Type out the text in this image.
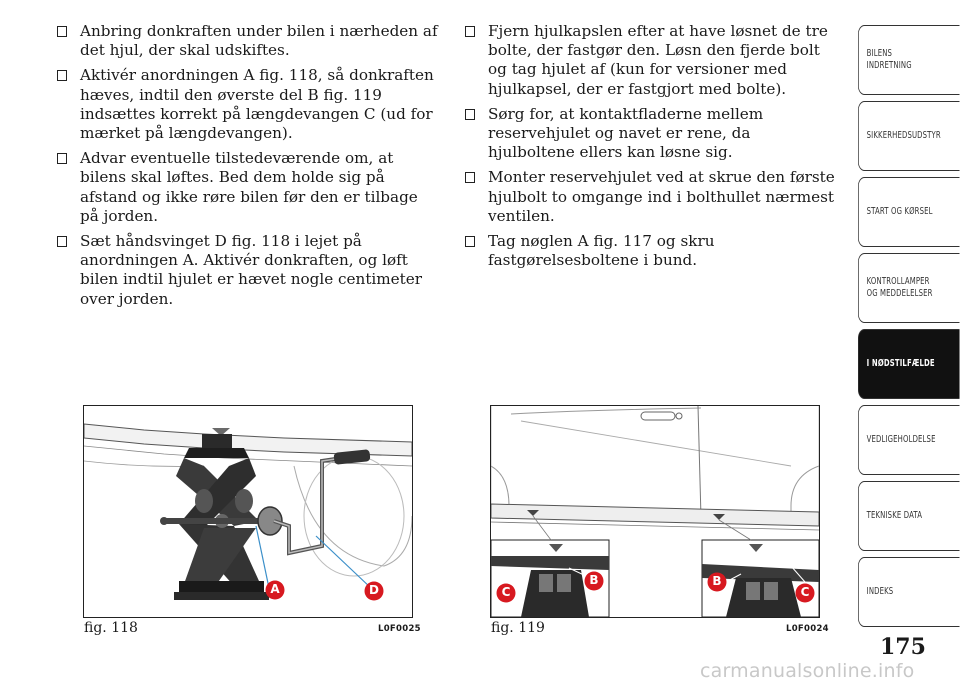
Anbring donkraften under bilen i nærheden af det hjul, der skal udskiftes.
Aktivér anordningen A fig. 118, så donkraften hæves, indtil den øverste del B fig. 119 indsættes korrekt på længdevangen C (ud for mærket på længdevangen).
Advar eventuelle tilstedeværende om, at bilens skal løftes. Bed dem holde sig på afstand og ikke røre bilen før den er tilbage på jorden.
Sæt håndsvinget D fig. 118 i lejet på anordningen A. Aktivér donkraften, og løft bilen indtil hjulet er hævet nogle centimeter over jorden.
Fjern hjulkapslen efter at have løsnet de tre bolte, der fastgør den. Løsn den fjerde bolt og tag hjulet af (kun for versioner med hjulkapsel, der er fastgjort med bolte).
Sørg for, at kontaktfladerne mellem reservehjulet og navet er rene, da hjulboltene ellers kan løsne sig.
Monter reservehjulet ved at skrue den første hjulbolt to omgange ind i bolthullet nærmest ventilen.
Tag nøglen A fig. 117 og skru fastgørelsesboltene i bund.
A	D
fig. 118	L0F0025
C
B	B
C
fig. 119	L0F0024
BILENS
INDRETNING
SIKKERHEDSUDSTYR
START OG KØRSEL
KONTROLLAMPER
OG MEDDELELSER
I NØDSTILFÆLDE
VEDLIGEHOLDELSE
TEKNISKE DATA
INDEKS
175
carmanualsonline.info
